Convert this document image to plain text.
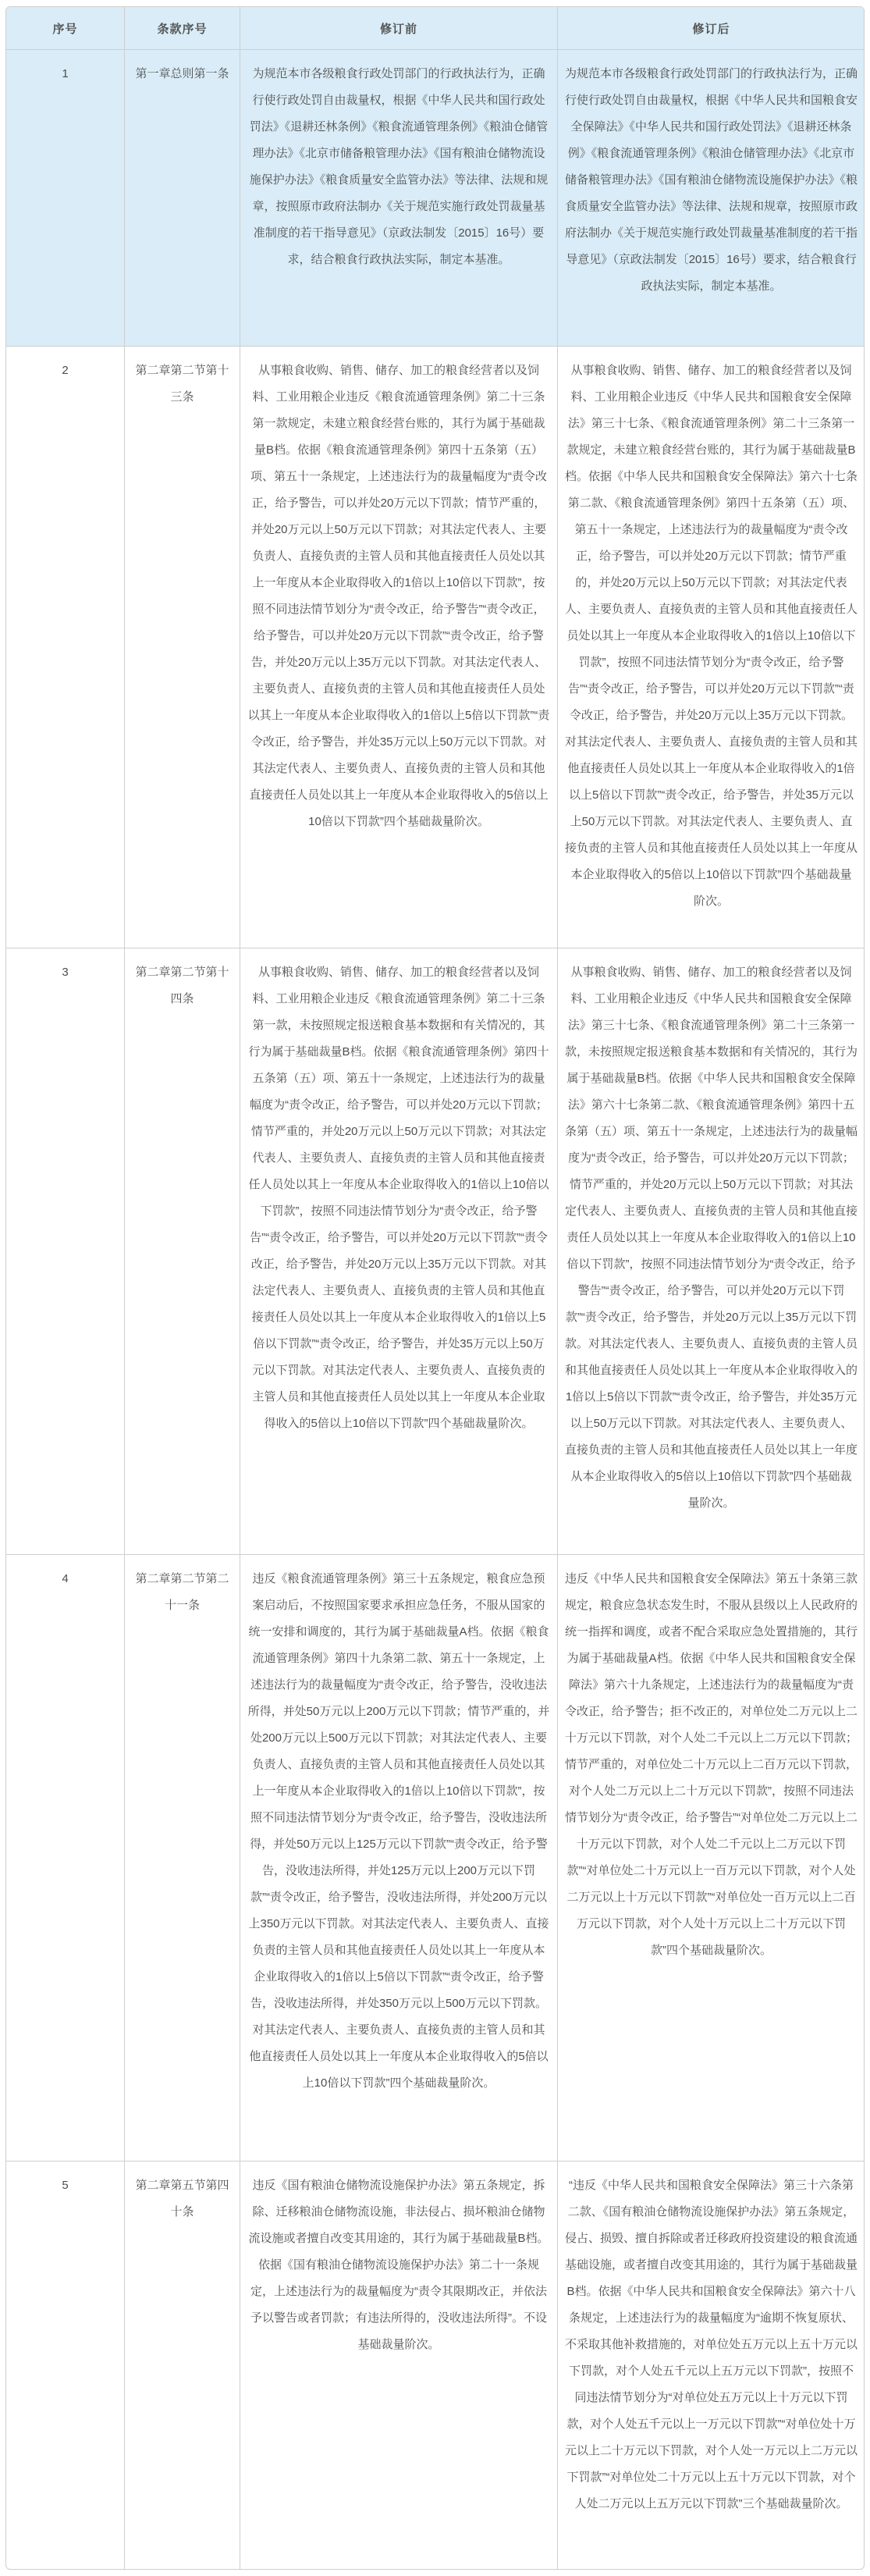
序号	条款序号	修订前	修订后
1	第一章总则第一条	为规范本市各级粮食行政处罚部门的行政执法行为，正确行使行政处罚自由裁量权，根据《中华人民共和国行政处罚法》《退耕还林条例》《粮食流通管理条例》《粮油仓储管理办法》《北京市储备粮管理办法》《国有粮油仓储物流设施保护办法》《粮食质量安全监管办法》等法律、法规和规章，按照原市政府法制办《关于规范实施行政处罚裁量基准制度的若干指导意见》（京政法制发〔2015〕16号）要求，结合粮食行政执法实际，制定本基准。	为规范本市各级粮食行政处罚部门的行政执法行为，正确行使行政处罚自由裁量权，根据《中华人民共和国粮食安全保障法》《中华人民共和国行政处罚法》《退耕还林条例》《粮食流通管理条例》《粮油仓储管理办法》《北京市储备粮管理办法》《国有粮油仓储物流设施保护办法》《粮食质量安全监管办法》等法律、法规和规章，按照原市政府法制办《关于规范实施行政处罚裁量基准制度的若干指导意见》（京政法制发〔2015〕16号）要求，结合粮食行政执法实际，制定本基准。
2	第二章第二节第十三条	从事粮食收购、销售、储存、加工的粮食经营者以及饲料、工业用粮企业违反《粮食流通管理条例》第二十三条第一款规定，未建立粮食经营台账的，其行为属于基础裁量B档。依据《粮食流通管理条例》第四十五条第（五）项、第五十一条规定，上述违法行为的裁量幅度为“责令改正，给予警告，可以并处20万元以下罚款；情节严重的，并处20万元以上50万元以下罚款；对其法定代表人、主要负责人、直接负责的主管人员和其他直接责任人员处以其上一年度从本企业取得收入的1倍以上10倍以下罚款”，按照不同违法情节划分为“责令改正，给予警告”“责令改正，给予警告，可以并处20万元以下罚款”“责令改正，给予警告，并处20万元以上35万元以下罚款。对其法定代表人、主要负责人、直接负责的主管人员和其他直接责任人员处以其上一年度从本企业取得收入的1倍以上5倍以下罚款”“责令改正，给予警告，并处35万元以上50万元以下罚款。对其法定代表人、主要负责人、直接负责的主管人员和其他直接责任人员处以其上一年度从本企业取得收入的5倍以上10倍以下罚款”四个基础裁量阶次。	从事粮食收购、销售、储存、加工的粮食经营者以及饲料、工业用粮企业违反《中华人民共和国粮食安全保障法》第三十七条、《粮食流通管理条例》第二十三条第一款规定，未建立粮食经营台账的，其行为属于基础裁量B档。依据《中华人民共和国粮食安全保障法》第六十七条第二款、《粮食流通管理条例》第四十五条第（五）项、第五十一条规定，上述违法行为的裁量幅度为“责令改正，给予警告，可以并处20万元以下罚款；情节严重的，并处20万元以上50万元以下罚款；对其法定代表人、主要负责人、直接负责的主管人员和其他直接责任人员处以其上一年度从本企业取得收入的1倍以上10倍以下罚款”，按照不同违法情节划分为“责令改正，给予警告”“责令改正，给予警告，可以并处20万元以下罚款”“责令改正，给予警告，并处20万元以上35万元以下罚款。对其法定代表人、主要负责人、直接负责的主管人员和其他直接责任人员处以其上一年度从本企业取得收入的1倍以上5倍以下罚款”“责令改正，给予警告，并处35万元以上50万元以下罚款。对其法定代表人、主要负责人、直接负责的主管人员和其他直接责任人员处以其上一年度从本企业取得收入的5倍以上10倍以下罚款”四个基础裁量阶次。
3	第二章第二节第十四条	从事粮食收购、销售、储存、加工的粮食经营者以及饲料、工业用粮企业违反《粮食流通管理条例》第二十三条第一款，未按照规定报送粮食基本数据和有关情况的，其行为属于基础裁量B档。依据《粮食流通管理条例》第四十五条第（五）项、第五十一条规定，上述违法行为的裁量幅度为“责令改正，给予警告，可以并处20万元以下罚款；情节严重的，并处20万元以上50万元以下罚款；对其法定代表人、主要负责人、直接负责的主管人员和其他直接责任人员处以其上一年度从本企业取得收入的1倍以上10倍以下罚款”，按照不同违法情节划分为“责令改正，给予警告”“责令改正，给予警告，可以并处20万元以下罚款”“责令改正，给予警告，并处20万元以上35万元以下罚款。对其法定代表人、主要负责人、直接负责的主管人员和其他直接责任人员处以其上一年度从本企业取得收入的1倍以上5倍以下罚款”“责令改正，给予警告，并处35万元以上50万元以下罚款。对其法定代表人、主要负责人、直接负责的主管人员和其他直接责任人员处以其上一年度从本企业取得收入的5倍以上10倍以下罚款”四个基础裁量阶次。	从事粮食收购、销售、储存、加工的粮食经营者以及饲料、工业用粮企业违反《中华人民共和国粮食安全保障法》第三十七条、《粮食流通管理条例》第二十三条第一款，未按照规定报送粮食基本数据和有关情况的，其行为属于基础裁量B档。依据《中华人民共和国粮食安全保障法》第六十七条第二款、《粮食流通管理条例》第四十五条第（五）项、第五十一条规定，上述违法行为的裁量幅度为“责令改正，给予警告，可以并处20万元以下罚款；情节严重的，并处20万元以上50万元以下罚款；对其法定代表人、主要负责人、直接负责的主管人员和其他直接责任人员处以其上一年度从本企业取得收入的1倍以上10倍以下罚款”，按照不同违法情节划分为“责令改正，给予警告”“责令改正，给予警告，可以并处20万元以下罚款”“责令改正，给予警告，并处20万元以上35万元以下罚款。对其法定代表人、主要负责人、直接负责的主管人员和其他直接责任人员处以其上一年度从本企业取得收入的1倍以上5倍以下罚款”“责令改正，给予警告，并处35万元以上50万元以下罚款。对其法定代表人、主要负责人、直接负责的主管人员和其他直接责任人员处以其上一年度从本企业取得收入的5倍以上10倍以下罚款”四个基础裁量阶次。
4	第二章第二节第二十一条	违反《粮食流通管理条例》第三十五条规定，粮食应急预案启动后，不按照国家要求承担应急任务，不服从国家的统一安排和调度的，其行为属于基础裁量A档。依据《粮食流通管理条例》第四十九条第二款、第五十一条规定，上述违法行为的裁量幅度为“责令改正，给予警告，没收违法所得，并处50万元以上200万元以下罚款；情节严重的，并处200万元以上500万元以下罚款；对其法定代表人、主要负责人、直接负责的主管人员和其他直接责任人员处以其上一年度从本企业取得收入的1倍以上10倍以下罚款”，按照不同违法情节划分为“责令改正，给予警告，没收违法所得，并处50万元以上125万元以下罚款”“责令改正，给予警告，没收违法所得，并处125万元以上200万元以下罚款”“责令改正，给予警告，没收违法所得，并处200万元以上350万元以下罚款。对其法定代表人、主要负责人、直接负责的主管人员和其他直接责任人员处以其上一年度从本企业取得收入的1倍以上5倍以下罚款”“责令改正，给予警告，没收违法所得，并处350万元以上500万元以下罚款。对其法定代表人、主要负责人、直接负责的主管人员和其他直接责任人员处以其上一年度从本企业取得收入的5倍以上10倍以下罚款”四个基础裁量阶次。	违反《中华人民共和国粮食安全保障法》第五十条第三款规定，粮食应急状态发生时，不服从县级以上人民政府的统一指挥和调度，或者不配合采取应急处置措施的，其行为属于基础裁量A档。依据《中华人民共和国粮食安全保障法》第六十九条规定，上述违法行为的裁量幅度为“责令改正，给予警告；拒不改正的，对单位处二万元以上二十万元以下罚款，对个人处二千元以上二万元以下罚款；情节严重的，对单位处二十万元以上二百万元以下罚款，对个人处二万元以上二十万元以下罚款”，按照不同违法情节划分为“责令改正，给予警告”“对单位处二万元以上二十万元以下罚款，对个人处二千元以上二万元以下罚款”“对单位处二十万元以上一百万元以下罚款，对个人处二万元以上十万元以下罚款”“对单位处一百万元以上二百万元以下罚款，对个人处十万元以上二十万元以下罚款”四个基础裁量阶次。
5	第二章第五节第四十条	违反《国有粮油仓储物流设施保护办法》第五条规定，拆除、迁移粮油仓储物流设施，非法侵占、损坏粮油仓储物流设施或者擅自改变其用途的，其行为属于基础裁量B档。依据《国有粮油仓储物流设施保护办法》第二十一条规定，上述违法行为的裁量幅度为“责令其限期改正，并依法予以警告或者罚款；有违法所得的，没收违法所得”。不设基础裁量阶次。	“违反《中华人民共和国粮食安全保障法》第三十六条第二款、《国有粮油仓储物流设施保护办法》第五条规定，侵占、损毁、擅自拆除或者迁移政府投资建设的粮食流通基础设施，或者擅自改变其用途的，其行为属于基础裁量B档。依据《中华人民共和国粮食安全保障法》第六十八条规定，上述违法行为的裁量幅度为“逾期不恢复原状、不采取其他补救措施的，对单位处五万元以上五十万元以下罚款，对个人处五千元以上五万元以下罚款”，按照不同违法情节划分为“对单位处五万元以上十万元以下罚款，对个人处五千元以上一万元以下罚款”“对单位处十万元以上二十万元以下罚款，对个人处一万元以上二万元以下罚款”“对单位处二十万元以上五十万元以下罚款，对个人处二万元以上五万元以下罚款”三个基础裁量阶次。
